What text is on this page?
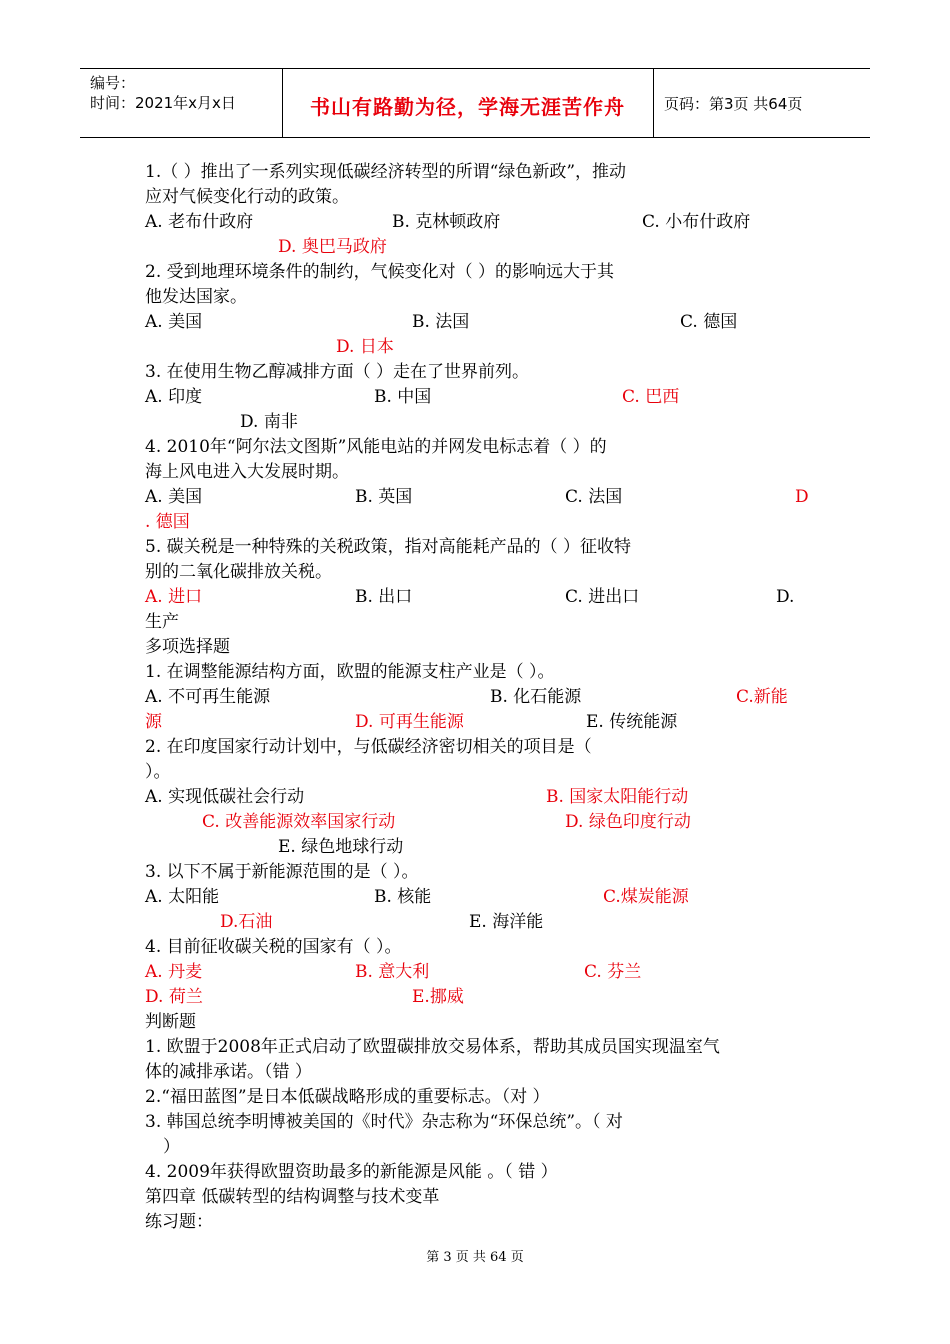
编号：
时间：2021年x月x日	书山有路勤为径，学海无涯苦作舟	页码：第3页 共64页
1.（ ）推出了一系列实现低碳经济转型的所谓“绿色新政”，推动
应对气候变化行动的政策。
A. 老布什政府	B. 克林顿政府	C. 小布什政府
D. 奥巴马政府
2. 受到地理环境条件的制约，气候变化对（ ）的影响远大于其
他发达国家。
A. 美国	B. 法国	C. 德国
D. 日本
3. 在使用生物乙醇减排方面（ ）走在了世界前列。
A. 印度	B. 中国	C. 巴西
D. 南非
4. 2010年“阿尔法文图斯”风能电站的并网发电标志着（ ）的
海上风电进入大发展时期。
A. 美国	B. 英国	C. 法国	D
. 德国
5. 碳关税是一种特殊的关税政策，指对高能耗产品的（ ）征收特
别的二氧化碳排放关税。
A. 进口	B. 出口	C. 进出口	D.
生产
多项选择题
1. 在调整能源结构方面，欧盟的能源支柱产业是（ ）。
A. 不可再生能源	B. 化石能源	C.新能
源	D. 可再生能源	E. 传统能源
2. 在印度国家行动计划中，与低碳经济密切相关的项目是（
）。
A. 实现低碳社会行动	B. 国家太阳能行动
C. 改善能源效率国家行动	D. 绿色印度行动
E. 绿色地球行动
3. 以下不属于新能源范围的是（ ）。
A. 太阳能	B. 核能	C.煤炭能源
D.石油	E. 海洋能
4. 目前征收碳关税的国家有（ ）。
A. 丹麦	B. 意大利	C. 芬兰
D. 荷兰	E.挪威
判断题
1. 欧盟于2008年正式启动了欧盟碳排放交易体系，帮助其成员国实现温室气
体的减排承诺。（错 ）
2.“福田蓝图”是日本低碳战略形成的重要标志。（对 ）
3. 韩国总统李明博被美国的《时代》杂志称为“环保总统”。（ 对
）
4. 2009年获得欧盟资助最多的新能源是风能 。（ 错 ）
第四章 低碳转型的结构调整与技术变革
练习题：
第 3 页 共 64 页
